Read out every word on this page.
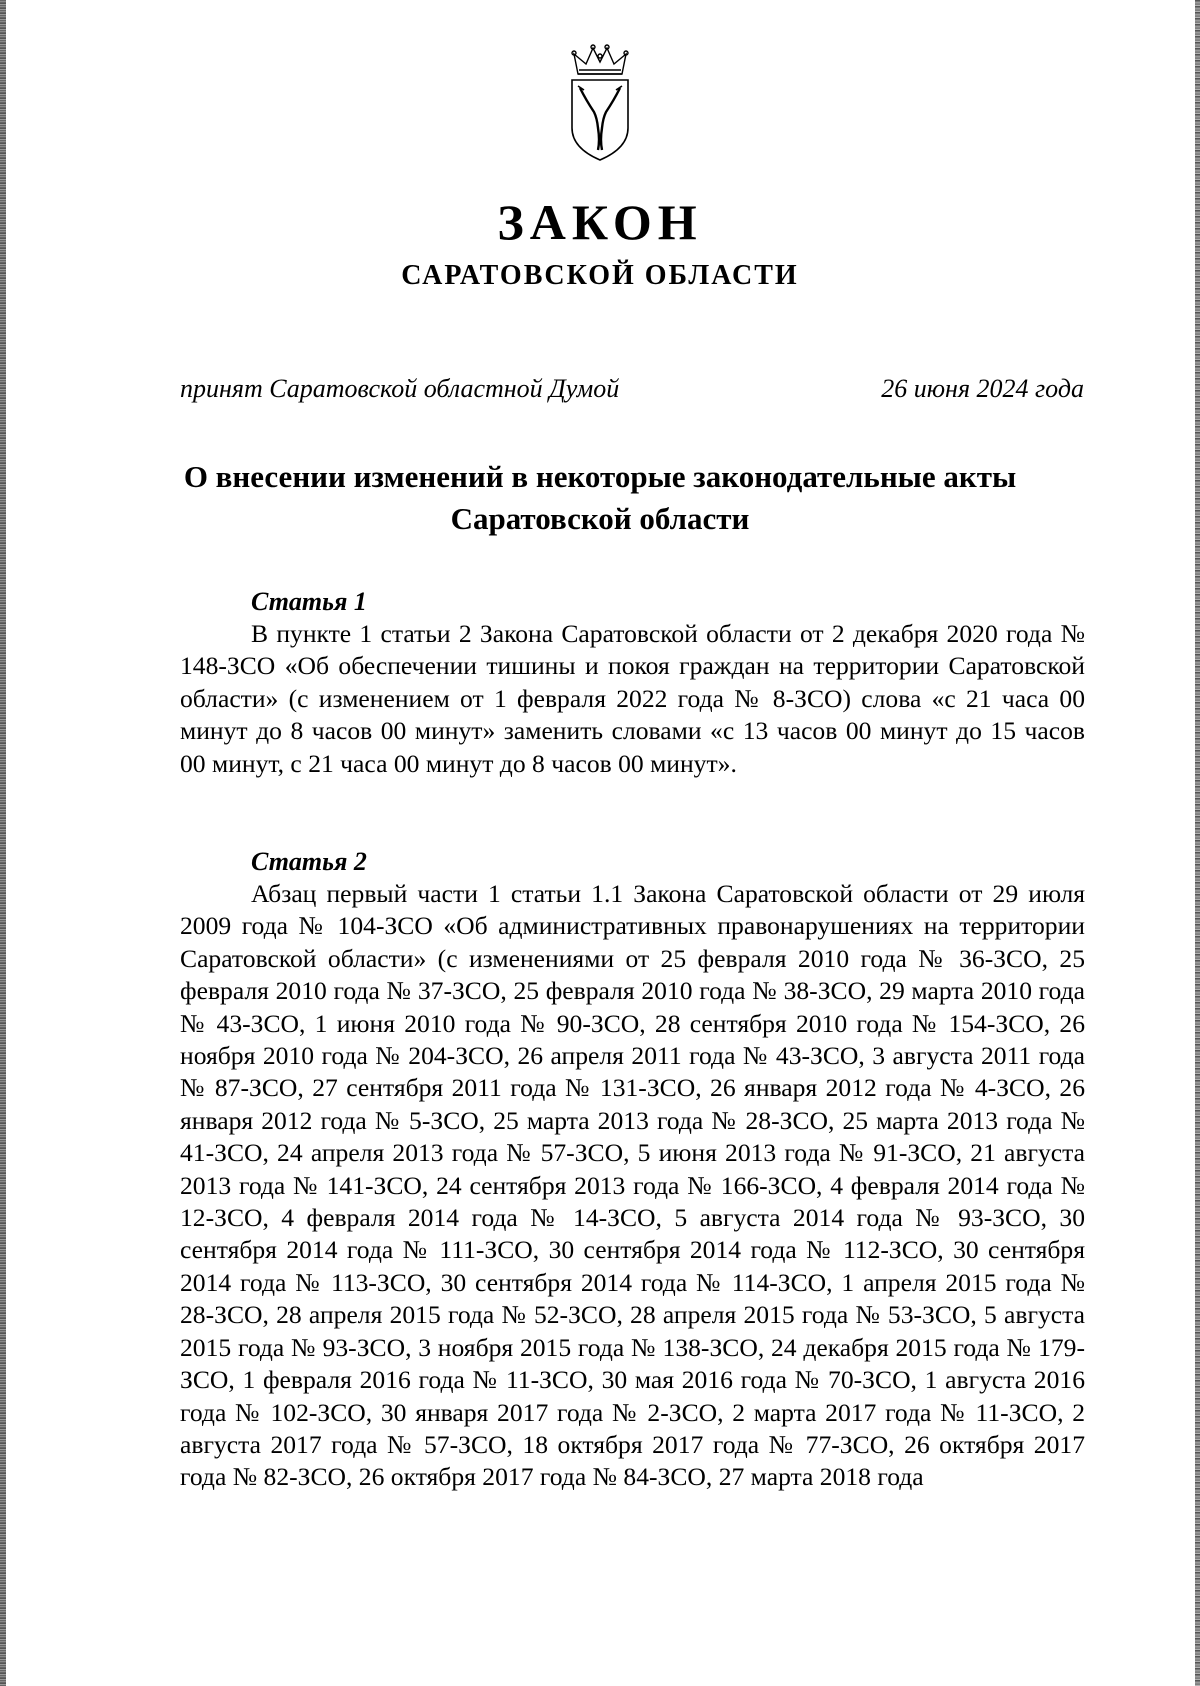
ЗАКОН
САРАТОВСКОЙ ОБЛАСТИ
принят Саратовской областной Думой	26 июня 2024 года
О внесении изменений в некоторые законодательные акты Саратовской области
Статья 1

В пункте 1 статьи 2 Закона Саратовской области от 2 декабря 2020 года № 148-ЗСО «Об обеспечении тишины и покоя граждан на территории Саратовской области» (с изменением от 1 февраля 2022 года № 8-ЗСО) слова «с 21 часа 00 минут до 8 часов 00 минут» заменить словами «с 13 часов 00 минут до 15 часов 00 минут, с 21 часа 00 минут до 8 часов 00 минут».

Статья 2

Абзац первый части 1 статьи 1.1 Закона Саратовской области от 29 июля 2009 года № 104-ЗСО «Об административных правонарушениях на территории Саратовской области» (с изменениями от 25 февраля 2010 года № 36-ЗСО, 25 февраля 2010 года № 37-ЗСО, 25 февраля 2010 года № 38-ЗСО, 29 марта 2010 года № 43-ЗСО, 1 июня 2010 года № 90-ЗСО, 28 сентября 2010 года № 154-ЗСО, 26 ноября 2010 года № 204-ЗСО, 26 апреля 2011 года № 43-ЗСО, 3 августа 2011 года № 87-ЗСО, 27 сентября 2011 года № 131-ЗСО, 26 января 2012 года № 4-ЗСО, 26 января 2012 года № 5-ЗСО, 25 марта 2013 года № 28-ЗСО, 25 марта 2013 года № 41-ЗСО, 24 апреля 2013 года № 57-ЗСО, 5 июня 2013 года № 91-ЗСО, 21 августа 2013 года № 141-ЗСО, 24 сентября 2013 года № 166-ЗСО, 4 февраля 2014 года № 12-ЗСО, 4 февраля 2014 года № 14-ЗСО, 5 августа 2014 года № 93-ЗСО, 30 сентября 2014 года № 111-ЗСО, 30 сентября 2014 года № 112-ЗСО, 30 сентября 2014 года № 113-ЗСО, 30 сентября 2014 года № 114-ЗСО, 1 апреля 2015 года № 28-ЗСО, 28 апреля 2015 года № 52-ЗСО, 28 апреля 2015 года № 53-ЗСО, 5 августа 2015 года № 93-ЗСО, 3 ноября 2015 года № 138-ЗСО, 24 декабря 2015 года № 179-ЗСО, 1 февраля 2016 года № 11-ЗСО, 30 мая 2016 года № 70-ЗСО, 1 августа 2016 года № 102-ЗСО, 30 января 2017 года № 2-ЗСО, 2 марта 2017 года № 11-ЗСО, 2 августа 2017 года № 57-ЗСО, 18 октября 2017 года № 77-ЗСО, 26 октября 2017 года № 82-ЗСО, 26 октября 2017 года № 84-ЗСО, 27 марта 2018 года
